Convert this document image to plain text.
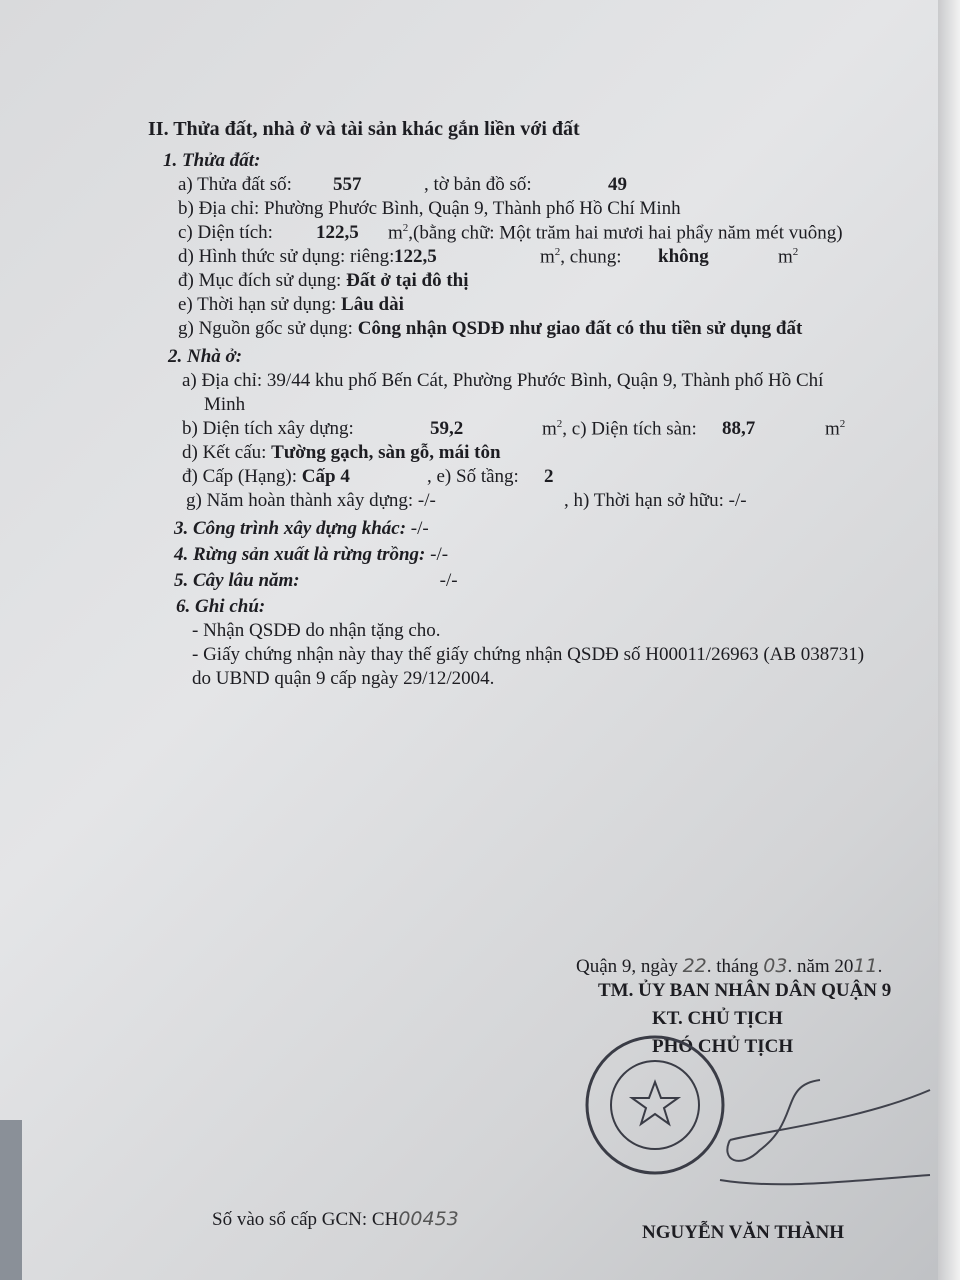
II. Thửa đất, nhà ở và tài sản khác gắn liền với đất
1. Thửa đất:
a) Thửa đất số: 557	, tờ bản đồ số:	49
b) Địa chỉ: Phường Phước Bình, Quận 9, Thành phố Hồ Chí Minh
c) Diện tích: 122,5 $m^2,(bằng$ chữ: Một trăm hai mươi hai phẩy năm mét vuông)
d) Hình thức sử dụng: riêng: 122,5	$m^2$, chung: không	$m^2$
đ) Mục đích sử dụng: Đất ở tại đô thị
e) Thời hạn sử dụng: Lâu dài
g) Nguồn gốc sử dụng: Công nhận QSDĐ như giao đất có thu tiền sử dụng đất
2. Nhà ở:
a) Địa chỉ: 39/44 khu phố Bến Cát, Phường Phước Bình, Quận 9, Thành phố Hồ Chí
Minh
b) Diện tích xây dựng:	59,2	$m^2$, c) Diện tích sàn: 88,7	$m^2$
d) Kết cấu: Tường gạch, sàn gỗ, mái tôn
đ) Cấp (Hạng): Cấp 4	, e) Số tầng: 2
g) Năm hoàn thành xây dựng: -/-	, h) Thời hạn sở hữu: -/-
3. Công trình xây dựng khác: -/-
4. Rừng sản xuất là rừng trồng: -/-
5. Cây lâu năm:	-/-
6. Ghi chú:
- Nhận QSDĐ do nhận tặng cho.
- Giấy chứng nhận này thay thế giấy chứng nhận QSDĐ số H00011/26963 (AB 038731)
do UBND quận 9 cấp ngày 29/12/2004.
Quận 9, ngày 22. tháng 03. năm 2011.
TM. ỦY BAN NHÂN DÂN QUẬN 9
KT. CHỦ TỊCH
PHÓ CHỦ TỊCH
Số vào sổ cấp GCN: CH00453
NGUYỄN VĂN THÀNH
